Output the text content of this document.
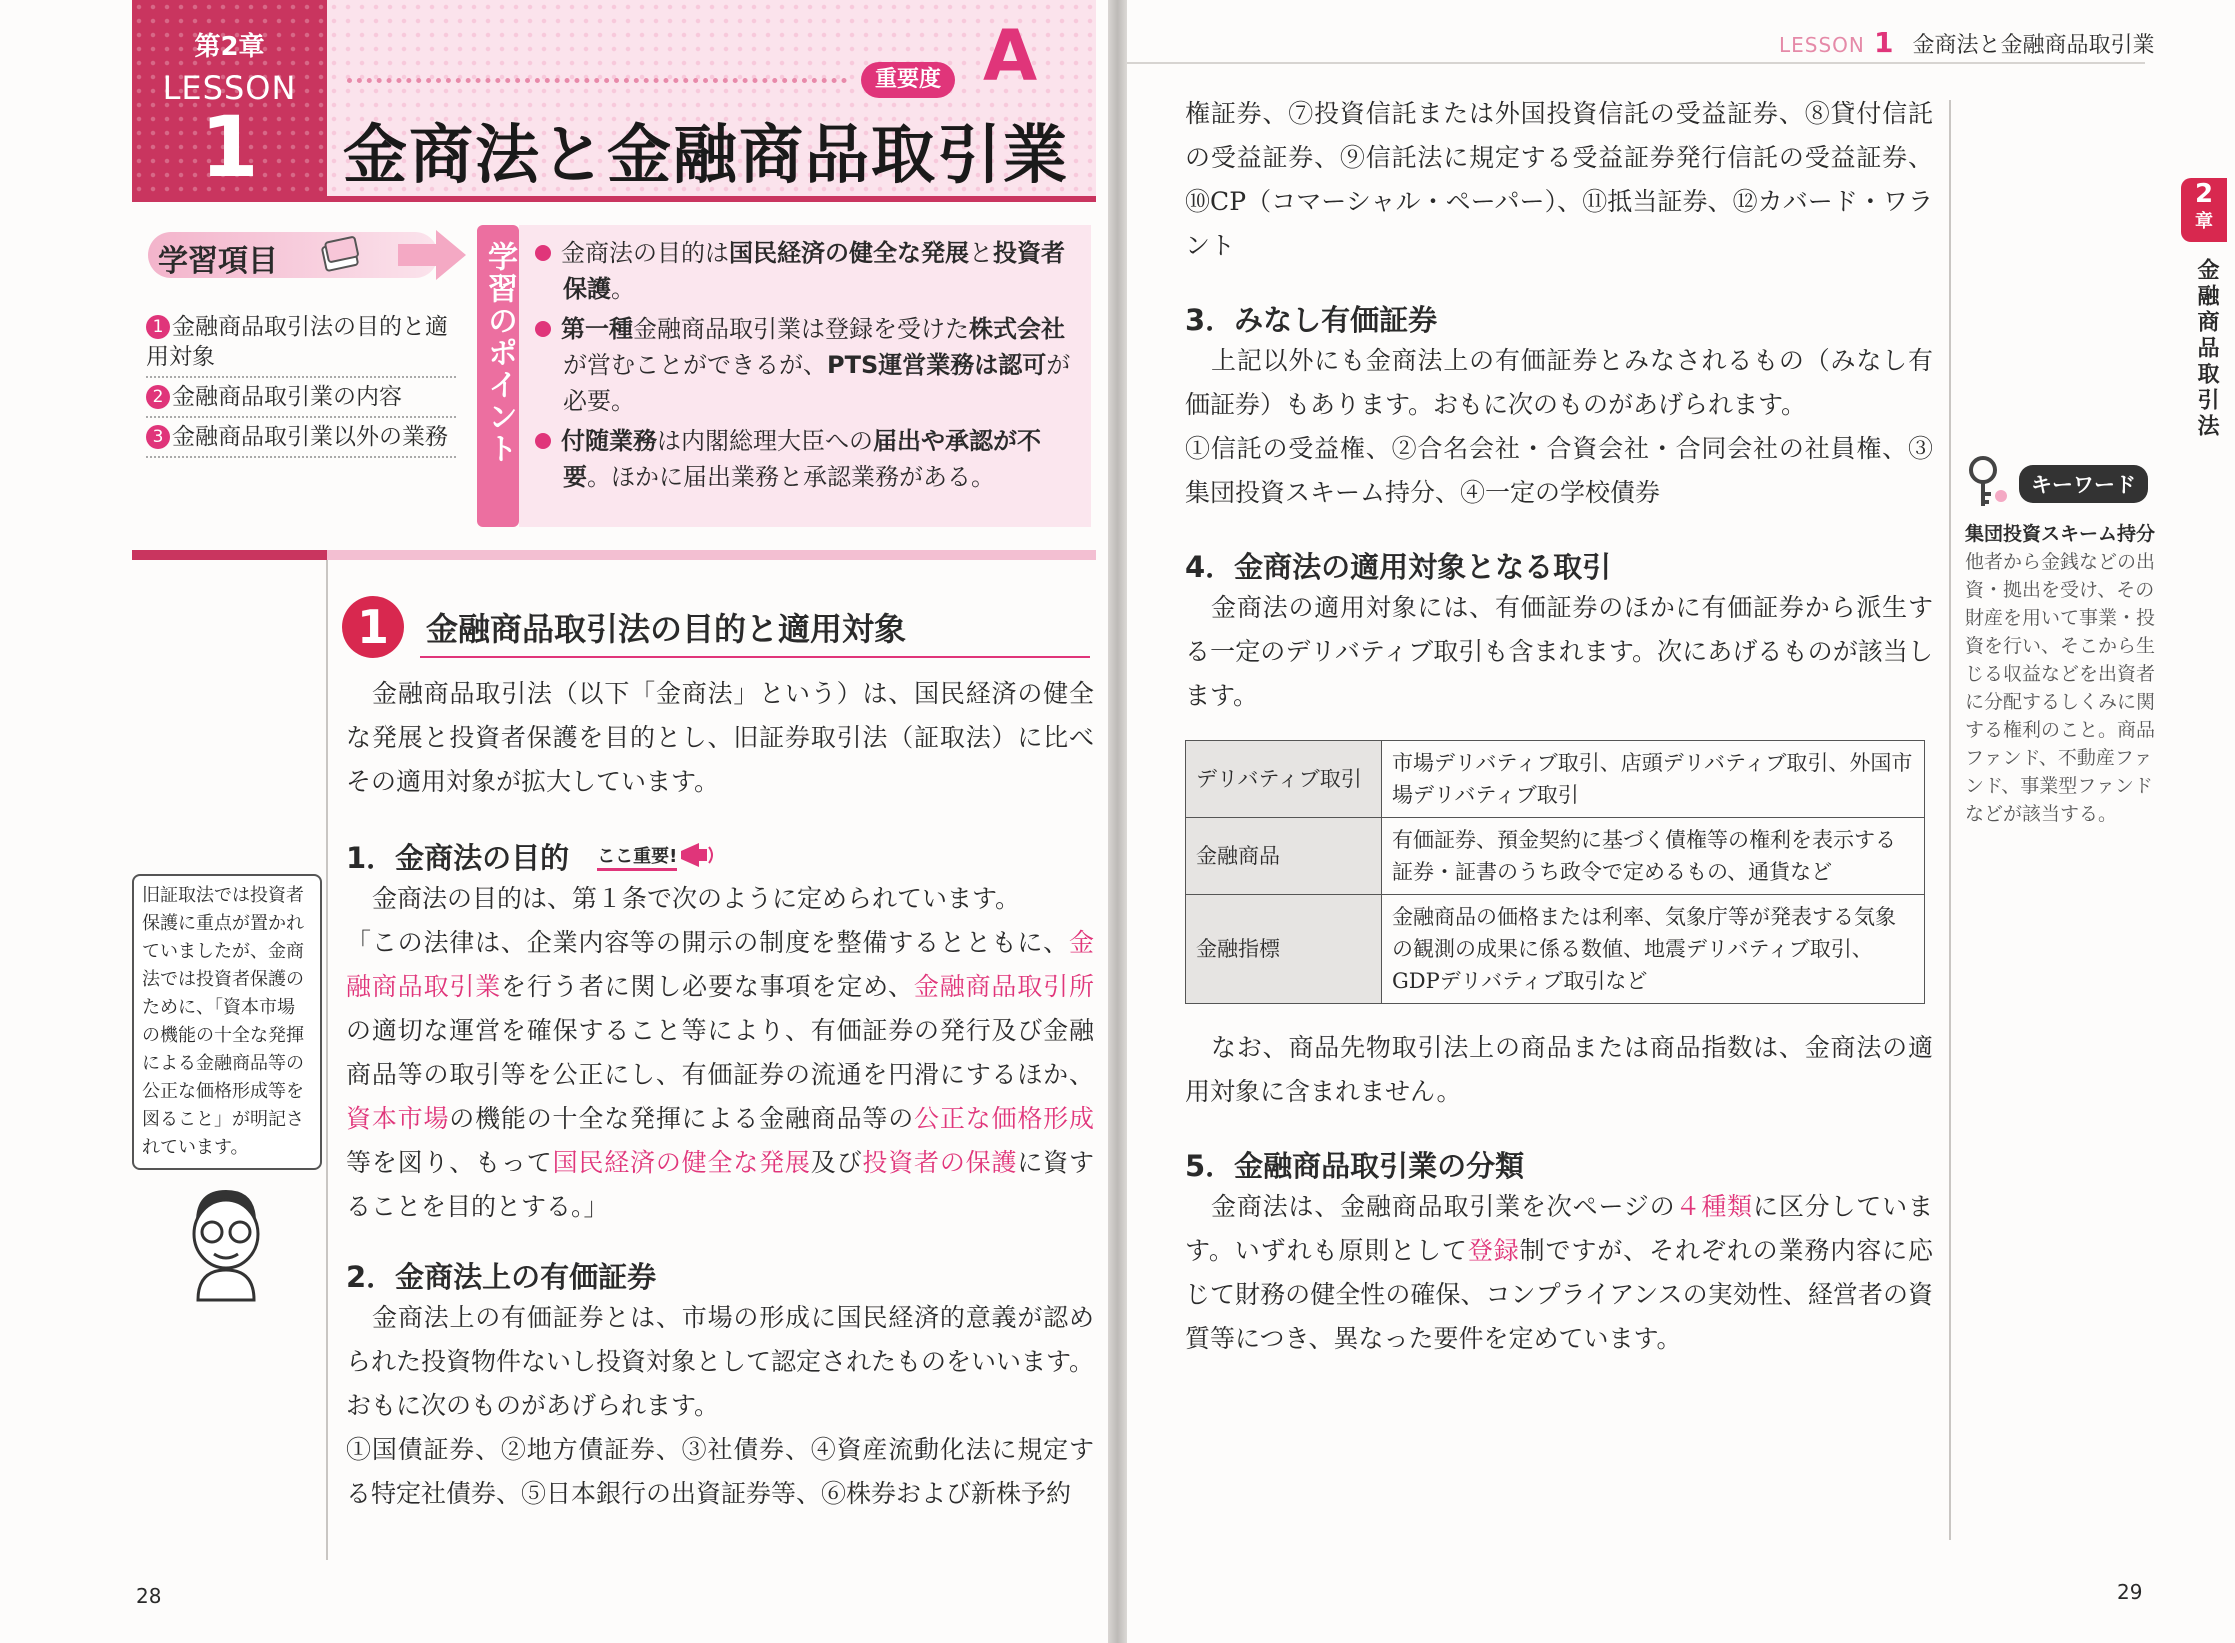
第2章
LESSON
1
重要度 A
金商法と金融商品取引業
学習項目
1 金融商品取引法の目的と適用対象
2 金融商品取引業の内容
3 金融商品取引業以外の業務 学習のポイント	金商法の目的は国民経済の健全な発展と投資者保護。

第一種金融商品取引業は登録を受けた株式会社が営むことができるが、PTS運営業務は認可が必要。

付随業務は内閣総理大臣への届出や承認が不要。ほかに届出業務と承認業務がある。

1	金融商品取引法の目的と適用対象

金融商品取引法（以下「金商法」という）は、国民経済の健全な発展と投資者保護を目的とし、旧証券取引法（証取法）に比べその適用対象が拡大しています。

1．金商法の目的 ここ重要!

金商法の目的は、第１条で次のように定められています。

「この法律は、企業内容等の開示の制度を整備するとともに、金融商品取引業を行う者に関し必要な事項を定め、金融商品取引所の適切な運営を確保すること等により、有価証券の発行及び金融商品等の取引等を公正にし、有価証券の流通を円滑にするほか、資本市場の機能の十全な発揮による金融商品等の公正な価格形成等を図り、もって国民経済の健全な発展及び投資者の保護に資することを目的とする。」

2．金商法上の有価証券

金商法上の有価証券とは、市場の形成に国民経済的意義が認められた投資物件ないし投資対象として認定されたものをいいます。おもに次のものがあげられます。

①国債証券、②地方債証券、③社債券、④資産流動化法に規定する特定社債券、⑤日本銀行の出資証券等、⑥株券および新株予約

旧証取法では投資者保護に重点が置かれていましたが、金商法では投資者保護のために、「資本市場の機能の十全な発揮による金融商品等の公正な価格形成等を図ること」が明記されています。
28
LESSON 1 金商法と金融商品取引業
2
章
金融商品取引法

権証券、⑦投資信託または外国投資信託の受益証券、⑧貸付信託の受益証券、⑨信託法に規定する受益証券発行信託の受益証券、⑩CP（コマーシャル・ペーパー）、⑪抵当証券、⑫カバード・ワラント

3．みなし有価証券

上記以外にも金商法上の有価証券とみなされるもの（みなし有価証券）もあります。おもに次のものがあげられます。

①信託の受益権、②合名会社・合資会社・合同会社の社員権、③集団投資スキーム持分、④一定の学校債券

4．金商法の適用対象となる取引

金商法の適用対象には、有価証券のほかに有価証券から派生する一定のデリバティブ取引も含まれます。次にあげるものが該当します。

デリバティブ取引	市場デリバティブ取引、店頭デリバティブ取引、外国市場デリバティブ取引
金融商品	有価証券、預金契約に基づく債権等の権利を表示する証券・証書のうち政令で定めるもの、通貨など
金融指標	金融商品の価格または利率、気象庁等が発表する気象の観測の成果に係る数値、地震デリバティブ取引、GDPデリバティブ取引など

なお、商品先物取引法上の商品または商品指数は、金商法の適用対象に含まれません。

5．金融商品取引業の分類

金商法は、金融商品取引業を次ページの４種類に区分しています。いずれも原則として登録制ですが、それぞれの業務内容に応じて財務の健全性の確保、コンプライアンスの実効性、経営者の資質等につき、異なった要件を定めています。

キーワード
集団投資スキーム持分
他者から金銭などの出資・拠出を受け、その財産を用いて事業・投資を行い、そこから生じる収益などを出資者に分配するしくみに関する権利のこと。商品ファンド、不動産ファンド、事業型ファンドなどが該当する。
29
